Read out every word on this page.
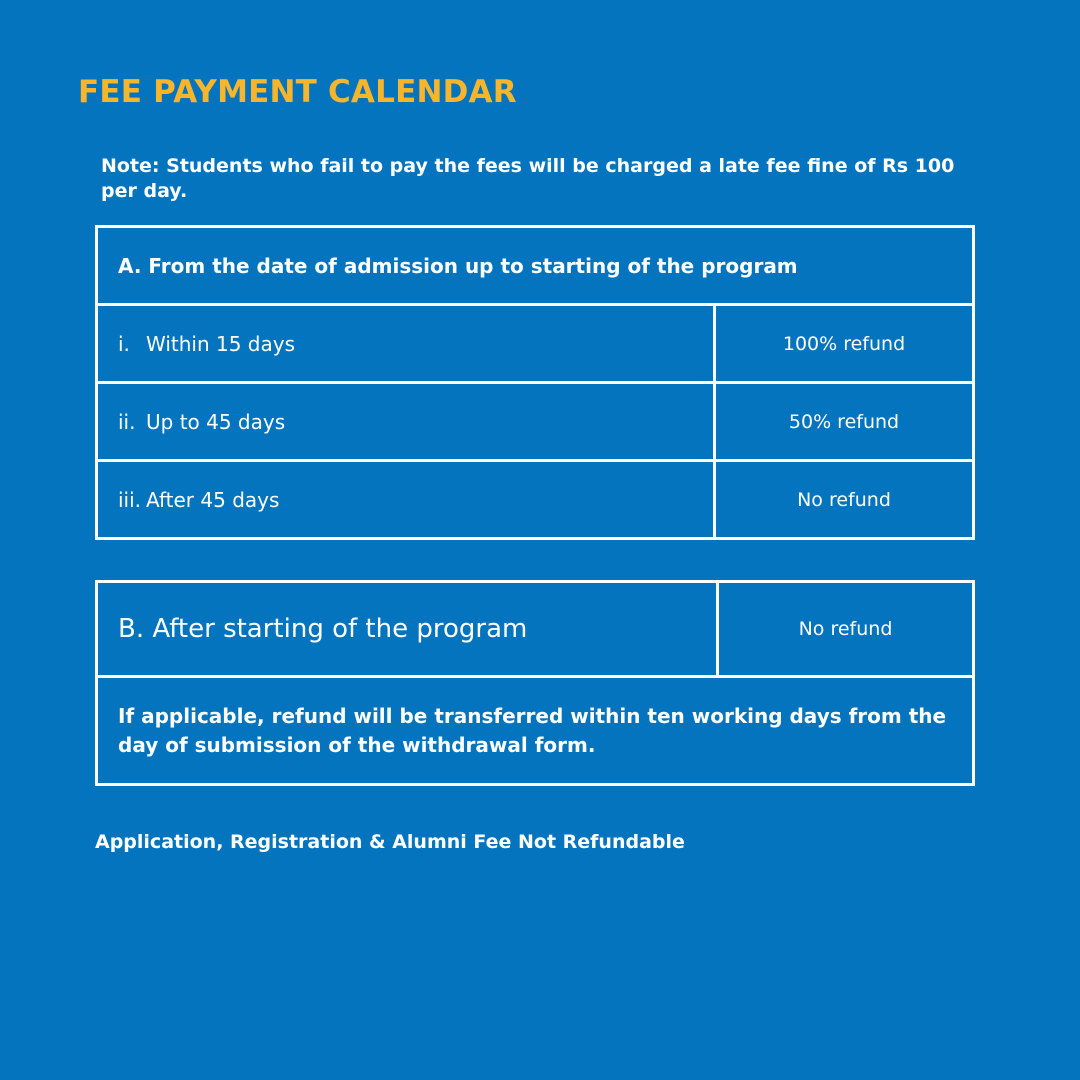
FEE PAYMENT CALENDAR
Note: Students who fail to pay the fees will be charged a late fee fine of Rs 100 per day.
A. From the date of admission up to starting of the program	
i. Within 15 days	100% refund
ii. Up to 45 days	50% refund
iii. After 45 days	No refund
B. After starting of the program	No refund
If applicable, refund will be transferred within ten working days from the day of submission of the withdrawal form.
Application, Registration & Alumni Fee Not Refundable
